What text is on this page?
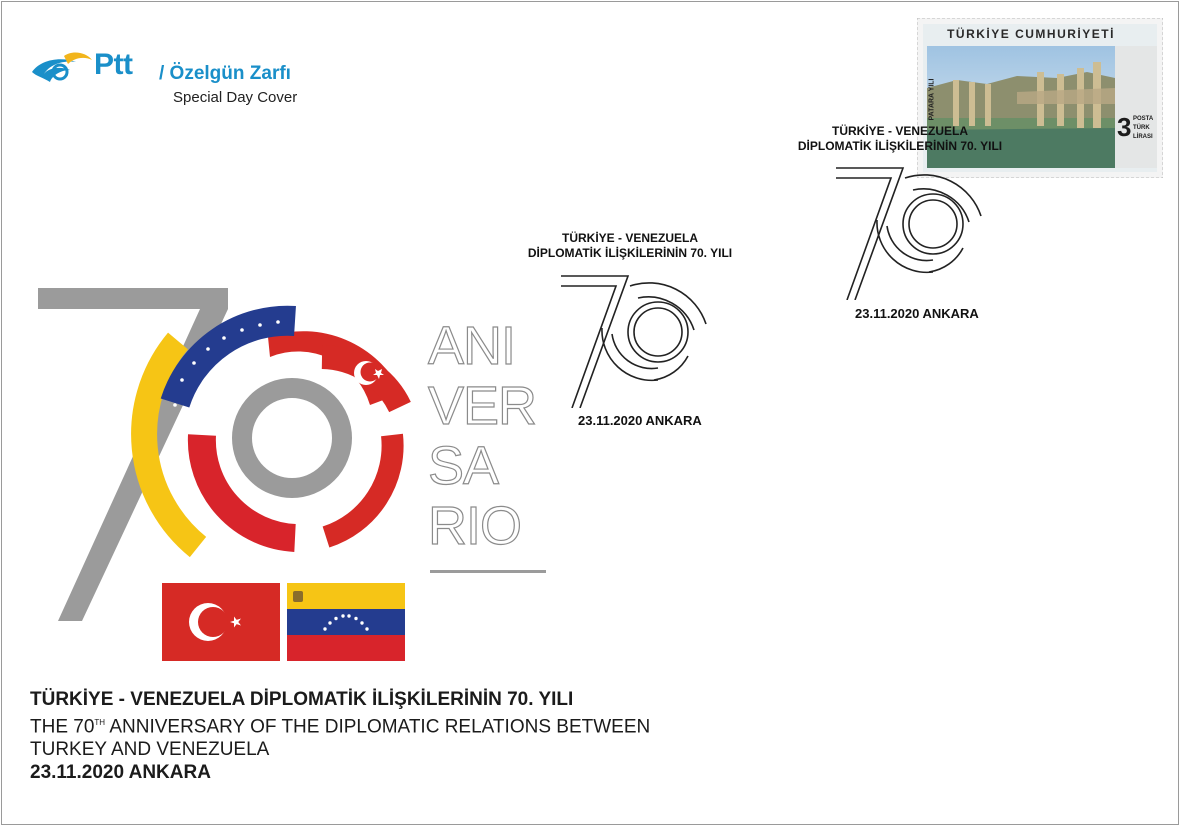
Ptt / Özelgün Zarfı
Special Day Cover
TÜRKİYE CUMHURİYETİ
PATARA YILI
3 POSTA
TÜRK
LİRASI
TÜRKİYE - VENEZUELA
DİPLOMATİK İLİŞKİLERİNİN 70. YILI
23.11.2020 ANKARA
TÜRKİYE - VENEZUELA
DİPLOMATİK İLİŞKİLERİNİN 70. YILI
23.11.2020 ANKARA
ANI
VER
SA
RIO
TÜRKİYE - VENEZUELA DİPLOMATİK İLİŞKİLERİNİN 70. YILI
THE 70TH ANNIVERSARY OF THE DIPLOMATIC RELATIONS BETWEEN
TURKEY AND VENEZUELA
23.11.2020 ANKARA
